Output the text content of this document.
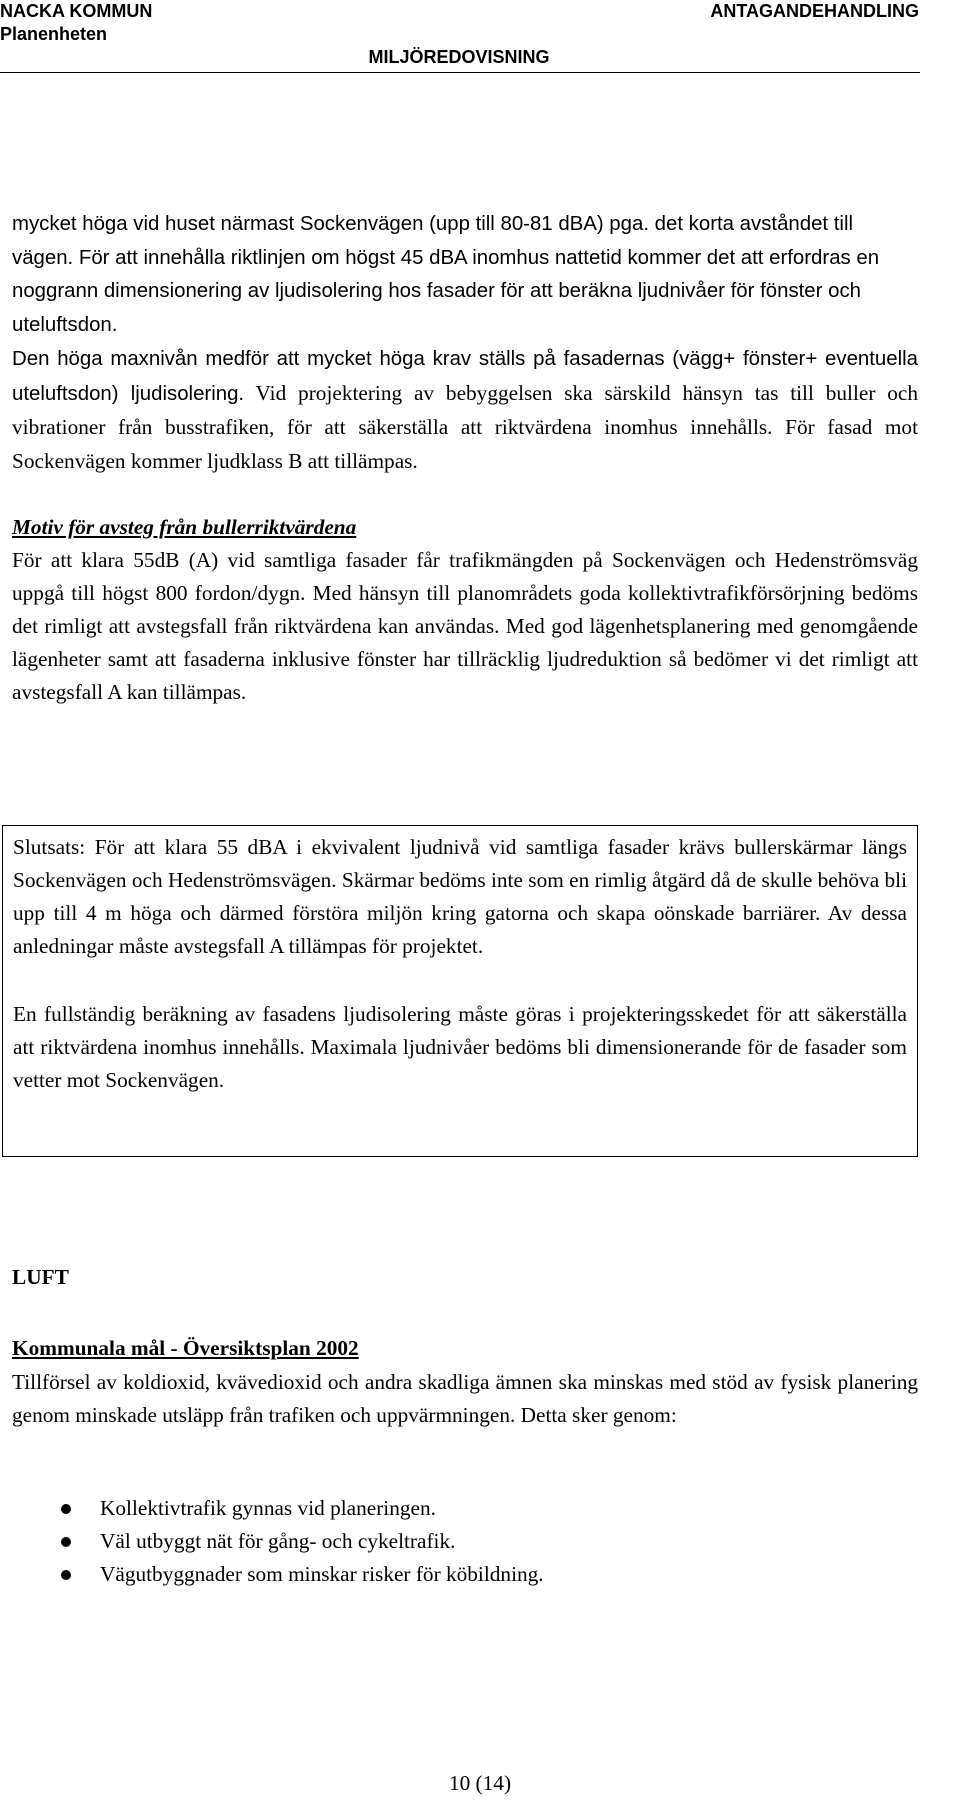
NACKA KOMMUN
Planenheten
ANTAGANDEHANDLING
MILJÖREDOVISNING

mycket höga vid huset närmast Sockenvägen (upp till 80-81 dBA) pga. det korta avståndet till vägen. För att innehålla riktlinjen om högst 45 dBA inomhus nattetid kommer det att erfordras en noggrann dimensionering av ljudisolering hos fasader för att beräkna ljudnivåer för fönster och uteluftsdon.

Den höga maxnivån medför att mycket höga krav ställs på fasadernas (vägg+ fönster+ eventuella uteluftsdon) ljudisolering. Vid projektering av bebyggelsen ska särskild hänsyn tas till buller och vibrationer från busstrafiken, för att säkerställa att riktvärdena inomhus innehålls. För fasad mot Sockenvägen kommer ljudklass B att tillämpas.

Motiv för avsteg från bullerriktvärdena

För att klara 55dB (A) vid samtliga fasader får trafikmängden på Sockenvägen och Hedenströmsväg uppgå till högst 800 fordon/dygn. Med hänsyn till planområdets goda kollektivtrafikförsörjning bedöms det rimligt att avstegsfall från riktvärdena kan användas. Med god lägenhetsplanering med genomgående lägenheter samt att fasaderna inklusive fönster har tillräcklig ljudreduktion så bedömer vi det rimligt att avstegsfall A kan tillämpas.

Slutsats: För att klara 55 dBA i ekvivalent ljudnivå vid samtliga fasader krävs bullerskärmar längs Sockenvägen och Hedenströmsvägen. Skärmar bedöms inte som en rimlig åtgärd då de skulle behöva bli upp till 4 m höga och därmed förstöra miljön kring gatorna och skapa oönskade barriärer. Av dessa anledningar måste avstegsfall A tillämpas för projektet.

En fullständig beräkning av fasadens ljudisolering måste göras i projekteringsskedet för att säkerställa att riktvärdena inomhus innehålls. Maximala ljudnivåer bedöms bli dimensionerande för de fasader som vetter mot Sockenvägen.

LUFT
Kommunala mål - Översiktsplan 2002

Tillförsel av koldioxid, kvävedioxid och andra skadliga ämnen ska minskas med stöd av fysisk planering genom minskade utsläpp från trafiken och uppvärmningen. Detta sker genom:

Kollektivtrafik gynnas vid planeringen.
Väl utbyggt nät för gång- och cykeltrafik.
Vägutbyggnader som minskar risker för köbildning.
10 (14)
